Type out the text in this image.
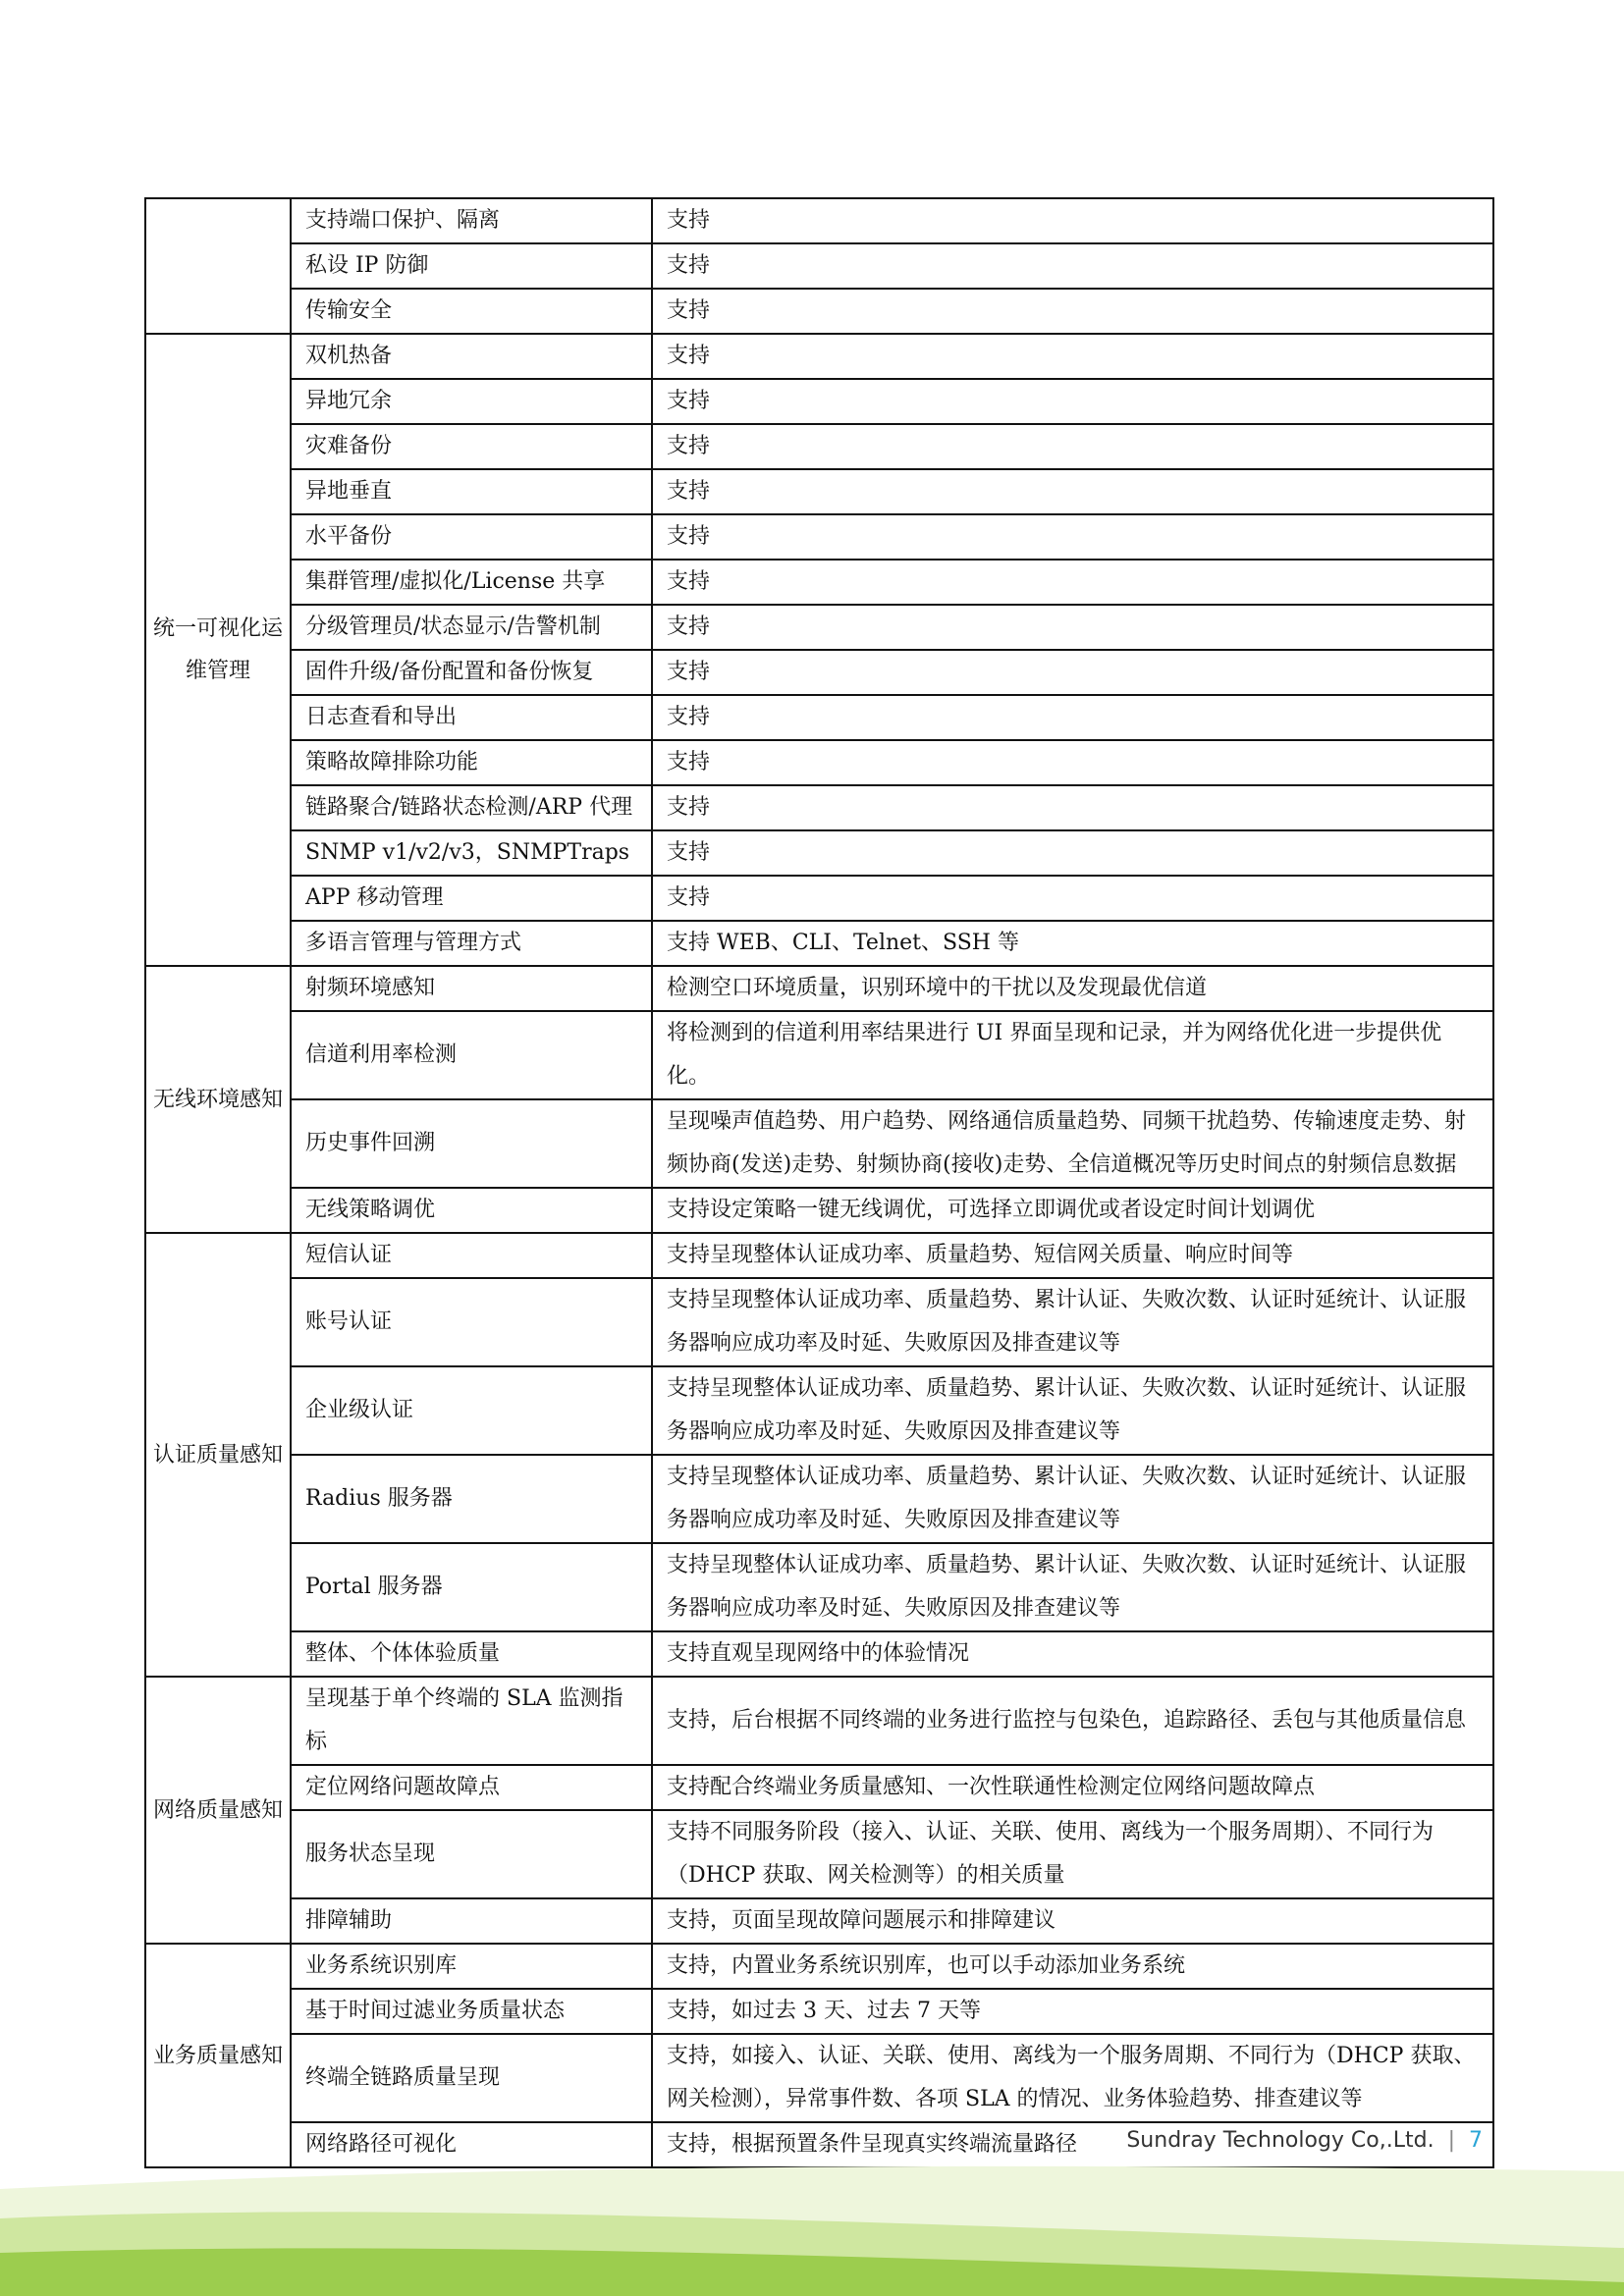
	支持端口保护、隔离	支持
	私设 IP 防御	支持
	传输安全	支持
统一可视化运维管理	双机热备	支持
	异地冗余	支持
	灾难备份	支持
	异地垂直	支持
	水平备份	支持
	集群管理/虚拟化/License 共享	支持
	分级管理员/状态显示/告警机制	支持
	固件升级/备份配置和备份恢复	支持
	日志查看和导出	支持
	策略故障排除功能	支持
	链路聚合/链路状态检测/ARP 代理	支持
	SNMP v1/v2/v3，SNMPTraps	支持
	APP 移动管理	支持
	多语言管理与管理方式	支持 WEB、CLI、Telnet、SSH 等
无线环境感知	射频环境感知	检测空口环境质量，识别环境中的干扰以及发现最优信道
	信道利用率检测	将检测到的信道利用率结果进行 UI 界面呈现和记录，并为网络优化进一步提供优化。
	历史事件回溯	呈现噪声值趋势、用户趋势、网络通信质量趋势、同频干扰趋势、传输速度走势、射频协商(发送)走势、射频协商(接收)走势、全信道概况等历史时间点的射频信息数据
	无线策略调优	支持设定策略一键无线调优，可选择立即调优或者设定时间计划调优
认证质量感知	短信认证	支持呈现整体认证成功率、质量趋势、短信网关质量、响应时间等
	账号认证	支持呈现整体认证成功率、质量趋势、累计认证、失败次数、认证时延统计、认证服务器响应成功率及时延、失败原因及排查建议等
	企业级认证	支持呈现整体认证成功率、质量趋势、累计认证、失败次数、认证时延统计、认证服务器响应成功率及时延、失败原因及排查建议等
	Radius 服务器	支持呈现整体认证成功率、质量趋势、累计认证、失败次数、认证时延统计、认证服务器响应成功率及时延、失败原因及排查建议等
	Portal 服务器	支持呈现整体认证成功率、质量趋势、累计认证、失败次数、认证时延统计、认证服务器响应成功率及时延、失败原因及排查建议等
	整体、个体体验质量	支持直观呈现网络中的体验情况
网络质量感知	呈现基于单个终端的 SLA 监测指标	支持，后台根据不同终端的业务进行监控与包染色，追踪路径、丢包与其他质量信息
	定位网络问题故障点	支持配合终端业务质量感知、一次性联通性检测定位网络问题故障点
	服务状态呈现	支持不同服务阶段（接入、认证、关联、使用、离线为一个服务周期）、不同行为（DHCP 获取、网关检测等）的相关质量
	排障辅助	支持，页面呈现故障问题展示和排障建议
业务质量感知	业务系统识别库	支持，内置业务系统识别库，也可以手动添加业务系统
	基于时间过滤业务质量状态	支持，如过去 3 天、过去 7 天等
	终端全链路质量呈现	支持，如接入、认证、关联、使用、离线为一个服务周期、不同行为（DHCP 获取、网关检测），异常事件数、各项 SLA 的情况、业务体验趋势、排查建议等
	网络路径可视化	支持，根据预置条件呈现真实终端流量路径	Sundray Technology Co,.Ltd. | 7
